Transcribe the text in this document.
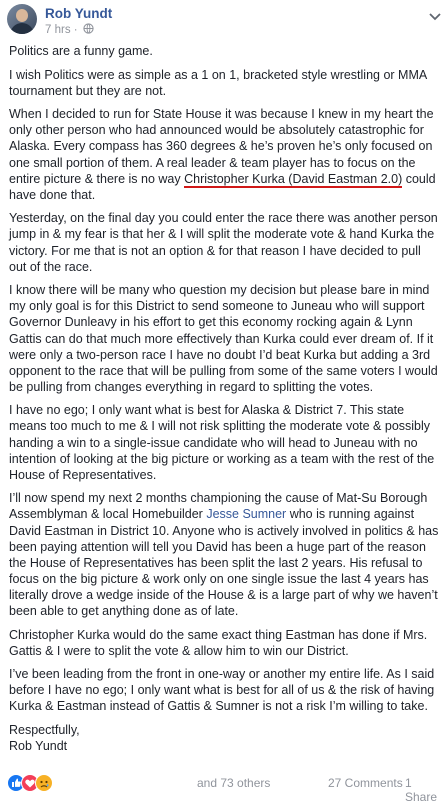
Rob Yundt
7 hrs ·

Politics are a funny game.

I wish Politics were as simple as a 1 on 1, bracketed style wrestling or MMA tournament but they are not.

When I decided to run for State House it was because I knew in my heart the only other person who had announced would be absolutely catastrophic for Alaska. Every compass has 360 degrees & he’s proven he’s only focused on one small portion of them. A real leader & team player has to focus on the entire picture & there is no way Christopher Kurka (David Eastman 2.0) could have done that.

Yesterday, on the final day you could enter the race there was another person jump in & my fear is that her & I will split the moderate vote & hand Kurka the victory. For me that is not an option & for that reason I have decided to pull out of the race.

I know there will be many who question my decision but please bare in mind my only goal is for this District to send someone to Juneau who will support Governor Dunleavy in his effort to get this economy rocking again & Lynn Gattis can do that much more effectively than Kurka could ever dream of. If it were only a two-person race I have no doubt I’d beat Kurka but adding a 3rd opponent to the race that will be pulling from some of the same voters I would be pulling from changes everything in regard to splitting the votes.

I have no ego; I only want what is best for Alaska & District 7. This state means too much to me & I will not risk splitting the moderate vote & possibly handing a win to a single-issue candidate who will head to Juneau with no intention of looking at the big picture or working as a team with the rest of the House of Representatives.

I’ll now spend my next 2 months championing the cause of Mat-Su Borough Assemblyman & local Homebuilder Jesse Sumner who is running against David Eastman in District 10. Anyone who is actively involved in politics & has been paying attention will tell you David has been a huge part of the reason the House of Representatives has been split the last 2 years. His refusal to focus on the big picture & work only on one single issue the last 4 years has literally drove a wedge inside of the House & is a large part of why we haven’t been able to get anything done as of late.

Christopher Kurka would do the same exact thing Eastman has done if Mrs. Gattis & I were to split the vote & allow him to win our District.

I’ve been leading from the front in one-way or another my entire life. As I said before I have no ego; I only want what is best for all of us & the risk of having Kurka & Eastman instead of Gattis & Sumner is not a risk I’m willing to take.

Respectfully,
Rob Yundt

and 73 others	27 Comments 1 Share
